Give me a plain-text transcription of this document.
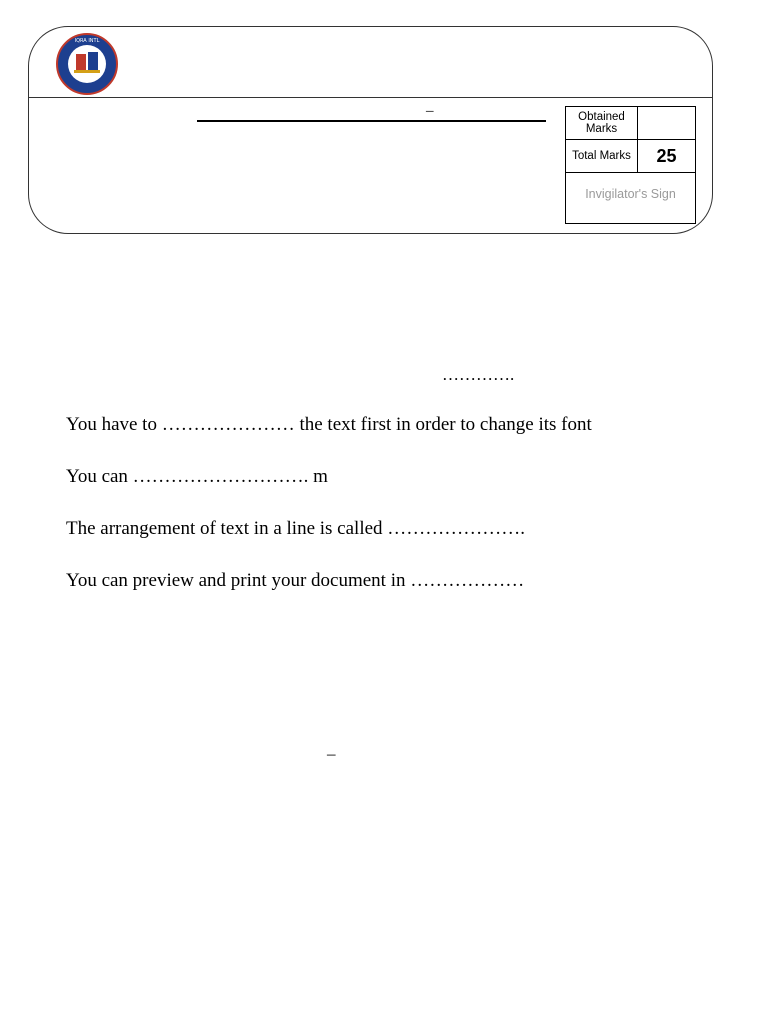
IQRA INTL
–	Obtained Marks
Total Marks	25
Invigilator's Sign
………….
You have to ………………… the text first in order to change its font
You can ………………………. m
The arrangement of text in a line is called ………………….
You can preview and print your document in ………………
–
